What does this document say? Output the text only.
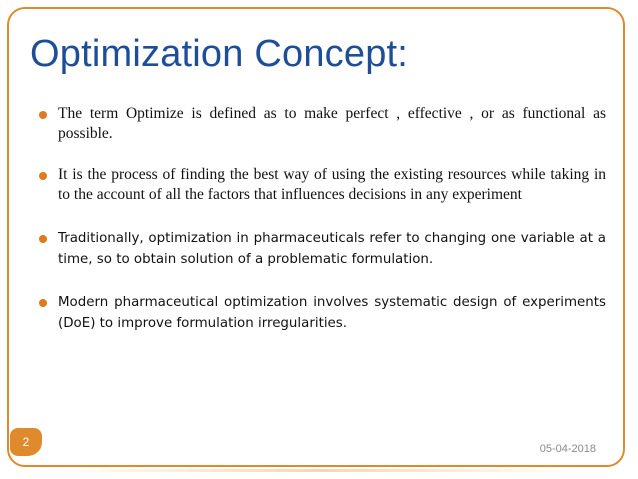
Optimization Concept:
The term Optimize is defined as to make perfect , effective , or as functional as possible.
It is the process of finding the best way of using the existing resources while taking in to the account of all the factors that influences decisions in any experiment
Traditionally, optimization in pharmaceuticals refer to changing one variable at a time, so to obtain solution of a problematic formulation.
Modern pharmaceutical optimization involves systematic design of experiments (DoE) to improve formulation irregularities.
2	05-04-2018
